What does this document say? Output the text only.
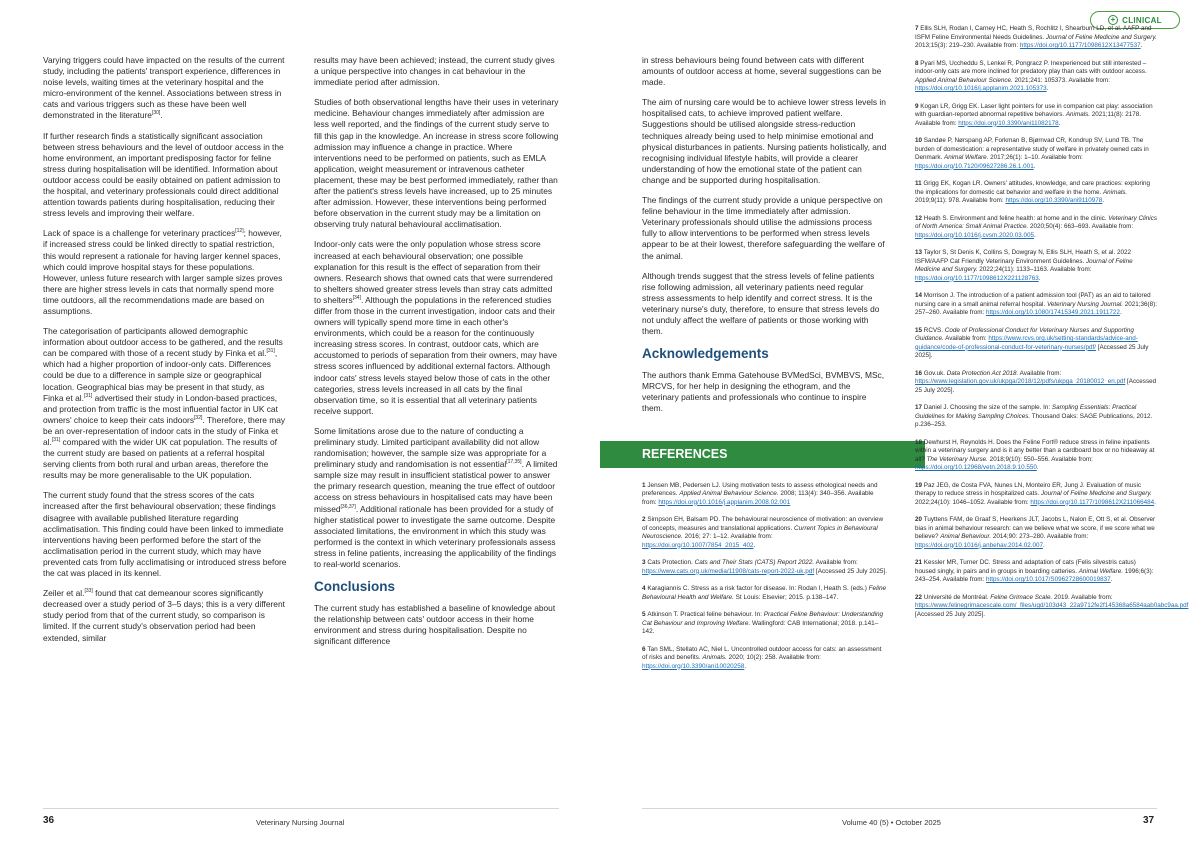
+ CLINICAL

Varying triggers could have impacted on the results of the current study, including the patients' transport experience, differences in noise levels, waiting times at the veterinary hospital and the micro-environment of the kennel. Associations between stress in cats and various triggers such as these have been well demonstrated in the literature[30].

If further research finds a statistically significant association between stress behaviours and the level of outdoor access in the home environment, an important predisposing factor for feline stress during hospitalisation will be identified. Information about outdoor access could be easily obtained on patient admission to the hospital, and veterinary professionals could direct additional attention towards patients during hospitalisation, reducing their stress levels and improving their welfare.

Lack of space is a challenge for veterinary practices[12]; however, if increased stress could be linked directly to spatial restriction, this would represent a rationale for having larger kennel spaces, which could improve hospital stays for these populations. However, unless future research with larger sample sizes proves there are higher stress levels in cats that normally spend more time outdoors, all the recommendations made are based on assumptions.

The categorisation of participants allowed demographic information about outdoor access to be gathered, and the results can be compared with those of a recent study by Finka et al.[31], which had a higher proportion of indoor-only cats. Differences could be due to a difference in sample size or geographical location. Geographical bias may be present in that study, as Finka et al.[31] advertised their study in London-based practices, and protection from traffic is the most influential factor in UK cat owners' choice to keep their cats indoors[32]. Therefore, there may be an over-representation of indoor cats in the study of Finka et al.[31] compared with the wider UK cat population. The results of the current study are based on patients at a referral hospital serving clients from both rural and urban areas, therefore the results may be more generalisable to the UK population.

The current study found that the stress scores of the cats increased after the first behavioural observation; these findings disagree with available published literature regarding acclimatisation. This finding could have been linked to immediate interventions having been performed before the start of the acclimatisation period in the current study, which may have prevented cats from fully acclimatising or introduced stress before the cat was placed in its kennel.

Zeiler et al.[33] found that cat demeanour scores significantly decreased over a study period of 3–5 days; this is a very different study period from that of the current study, so comparison is limited. If the current study's observation period had been extended, similar

results may have been achieved; instead, the current study gives a unique perspective into changes in cat behaviour in the immediate period after admission.

Studies of both observational lengths have their uses in veterinary medicine. Behaviour changes immediately after admission are less well reported, and the findings of the current study serve to fill this gap in the knowledge. An increase in stress score following admission may influence a change in practice. Where interventions need to be performed on patients, such as EMLA application, weight measurement or intravenous catheter placement, these may be best performed immediately, rather than after the patient's stress levels have increased, up to 25 minutes after admission. However, these interventions being performed before observation in the current study may be a limitation on observing truly natural behavioural acclimatisation.

Indoor-only cats were the only population whose stress score increased at each behavioural observation; one possible explanation for this result is the effect of separation from their owners. Research shows that owned cats that were surrendered to shelters showed greater stress levels than stray cats admitted to shelters[34]. Although the populations in the referenced studies differ from those in the current investigation, indoor cats and their owners will typically spend more time in each other's environments, which could be a reason for the continuously increasing stress scores. In contrast, outdoor cats, which are accustomed to periods of separation from their owners, may have stress scores influenced by additional external factors. Although indoor cats' stress levels stayed below those of cats in the other categories, stress levels increased in all cats by the final observation time, so it is essential that all veterinary patients receive support.

Some limitations arose due to the nature of conducting a preliminary study. Limited participant availability did not allow randomisation; however, the sample size was appropriate for a preliminary study and randomisation is not essential[17,35]. A limited sample size may result in insufficient statistical power to answer the primary research question, meaning the true effect of outdoor access on stress behaviours in hospitalised cats may have been missed[36,37]. Additional rationale has been provided for a study of higher statistical power to investigate the same outcome. Despite associated limitations, the environment in which this study was performed is the context in which veterinary professionals assess stress in feline patients, increasing the applicability of the findings to real-world scenarios.

Conclusions

The current study has established a baseline of knowledge about the relationship between cats' outdoor access in their home environment and stress during hospitalisation. Despite no significant difference

in stress behaviours being found between cats with different amounts of outdoor access at home, several suggestions can be made.

The aim of nursing care would be to achieve lower stress levels in hospitalised cats, to achieve improved patient welfare. Suggestions should be utilised alongside stress-reduction techniques already being used to help minimise emotional and physical disturbances in patients. Nursing patients holistically, and recognising individual lifestyle habits, will provide a clearer understanding of how the emotional state of the patient can change and be supported during hospitalisation.

The findings of the current study provide a unique perspective on feline behaviour in the time immediately after admission. Veterinary professionals should utilise the admissions process fully to allow interventions to be performed when stress levels appear to be at their lowest, therefore safeguarding the welfare of the animal.

Although trends suggest that the stress levels of feline patients rise following admission, all veterinary patients need regular stress assessments to help identify and correct stress. It is the veterinary nurse's duty, therefore, to ensure that stress levels do not unduly affect the welfare of patients or those working with them.

Acknowledgements

The authors thank Emma Gatehouse BVMedSci, BVMBVS, MSc, MRCVS, for her help in designing the ethogram, and the veterinary patients and professionals who continue to inspire them.

REFERENCES

1 Jensen MB, Pedersen LJ. Using motivation tests to assess ethological needs and preferences. Applied Animal Behaviour Science. 2008; 113(4): 340–356. Available from: https://doi.org/10.1016/j.applanim.2008.02.001

2 Simpson EH, Balsam PD. The behavioural neuroscience of motivation: an overview of concepts, measures and translational applications. Current Topics in Behavioural Neuroscience. 2016; 27: 1–12. Available from: https://doi.org/10.1007/7854_2015_402.

3 Cats Protection. Cats and Their Stats (CATS) Report 2022. Available from: https://www.cats.org.uk/media/11908/cats-report-2022-uk.pdf [Accessed 25 July 2025].

4 Karagiannis C. Stress as a risk factor for disease. In: Rodan I, Heath S. (eds.) Feline Behavioural Health and Welfare. St Louis: Elsevier; 2015. p.138–147.

5 Atkinson T. Practical feline behaviour. In: Practical Feline Behaviour: Understanding Cat Behaviour and Improving Welfare. Wallingford: CAB International; 2018. p.141–142.

6 Tan SML, Stellato AC, Niel L. Uncontrolled outdoor access for cats: an assessment of risks and benefits. Animals. 2020; 10(2): 258. Available from: https://doi.org/10.3390/ani10020258.

7 Ellis SLH, Rodan I, Carney HC, Heath S, Rochlitz I, Shearburn LD, et al. AAFP and ISFM Feline Environmental Needs Guidelines. Journal of Feline Medicine and Surgery. 2013;15(3): 219–230. Available from: https://doi.org/10.1177/1098612X13477537.

8 Pyari MS, Uccheddu S, Lenkei R, Pongracz P. Inexperienced but still interested – indoor-only cats are more inclined for predatory play than cats with outdoor access. Applied Animal Behaviour Science. 2021;241: 105373. Available from: https://doi.org/10.1016/j.applanim.2021.105373.

9 Kogan LR, Grigg EK. Laser light pointers for use in companion cat play: association with guardian-reported abnormal repetitive behaviors. Animals. 2021;11(8): 2178. Available from: https://doi.org/10.3390/ani11082178.

10 Sandøe P, Nørspang AP, Forkman B, Bjørnvad CR, Kondrup SV, Lund TB. The burden of domestication: a representative study of welfare in privately owned cats in Denmark. Animal Welfare. 2017;26(1): 1–10. Available from: https://doi.org/10.7120/09627286.26.1.001.

11 Grigg EK, Kogan LR. Owners' attitudes, knowledge, and care practices: exploring the implications for domestic cat behavior and welfare in the home. Animals. 2019;9(11): 978. Available from: https://doi.org/10.3390/ani9110978.

12 Heath S. Environment and feline health: at home and in the clinic. Veterinary Clinics of North America: Small Animal Practice. 2020;50(4): 663–693. Available from: https://doi.org/10.1016/j.cvsm.2020.03.005.

13 Taylor S, St Denis K, Collins S, Dowgray N, Ellis SLH, Heath S, et al. 2022 ISFM/AAFP Cat Friendly Veterinary Environment Guidelines. Journal of Feline Medicine and Surgery. 2022;24(11): 1133–1163. Available from: https://doi.org/10.1177/1098612X221128763.

14 Morrison J. The introduction of a patient admission tool (PAT) as an aid to tailored nursing care in a small animal referral hospital. Veterinary Nursing Journal. 2021;36(8): 257–260. Available from: https://doi.org/10.1080/17415349.2021.1911722.

15 RCVS. Code of Professional Conduct for Veterinary Nurses and Supporting Guidance. Available from: https://www.rcvs.org.uk/setting-standards/advice-and-guidance/code-of-professional-conduct-for-veterinary-nurses/pdf/ [Accessed 25 July 2025].

16 Gov.uk. Data Protection Act 2018. Available from: https://www.legislation.gov.uk/ukpga/2018/12/pdfs/ukpga_20180012_en.pdf [Accessed 25 July 2025].

17 Daniel J. Choosing the size of the sample. In: Sampling Essentials: Practical Guidelines for Making Sampling Choices. Thousand Oaks: SAGE Publications, 2012. p.236–253.

18 Dewhurst H, Reynolds H. Does the Feline Fort® reduce stress in feline inpatients within a veterinary surgery and is it any better than a cardboard box or no hideaway at all? The Veterinary Nurse. 2018;9(10): 550–556. Available from: https://doi.org/10.12968/vetn.2018.9.10.550.

19 Paz JEG, de Costa FVA, Nunes LN, Monteiro ER, Jung J. Evaluation of music therapy to reduce stress in hospitalized cats. Journal of Feline Medicine and Surgery. 2022;24(10): 1046–1052. Available from: https://doi.org/10.1177/1098612X211066484.

20 Tuyttens FAM, de Graaf S, Heerkens JLT, Jacobs L, Nalon E, Ott S, et al. Observer bias in animal behaviour research: can we believe what we score, if we score what we believe? Animal Behaviour. 2014;90: 273–280. Available from: https://doi.org/10.1016/j.anbehav.2014.02.007.

21 Kessler MR, Turner DC. Stress and adaptation of cats (Felis silvestris catus) housed singly, in pairs and in groups in boarding catteries. Animal Welfare. 1996;6(3): 243–254. Available from: https://doi.org/10.1017/S0962728600019837.

22 Université de Montréal. Feline Grimace Scale. 2019. Available from: https://www.felinegrimacescale.com/_files/ugd/103d43_22a9712fe2f145368a6584aab0abc9aa.pdf [Accessed 25 July 2025].

36	Veterinary Nursing Journal	Volume 40 (5) • October 2025	37
